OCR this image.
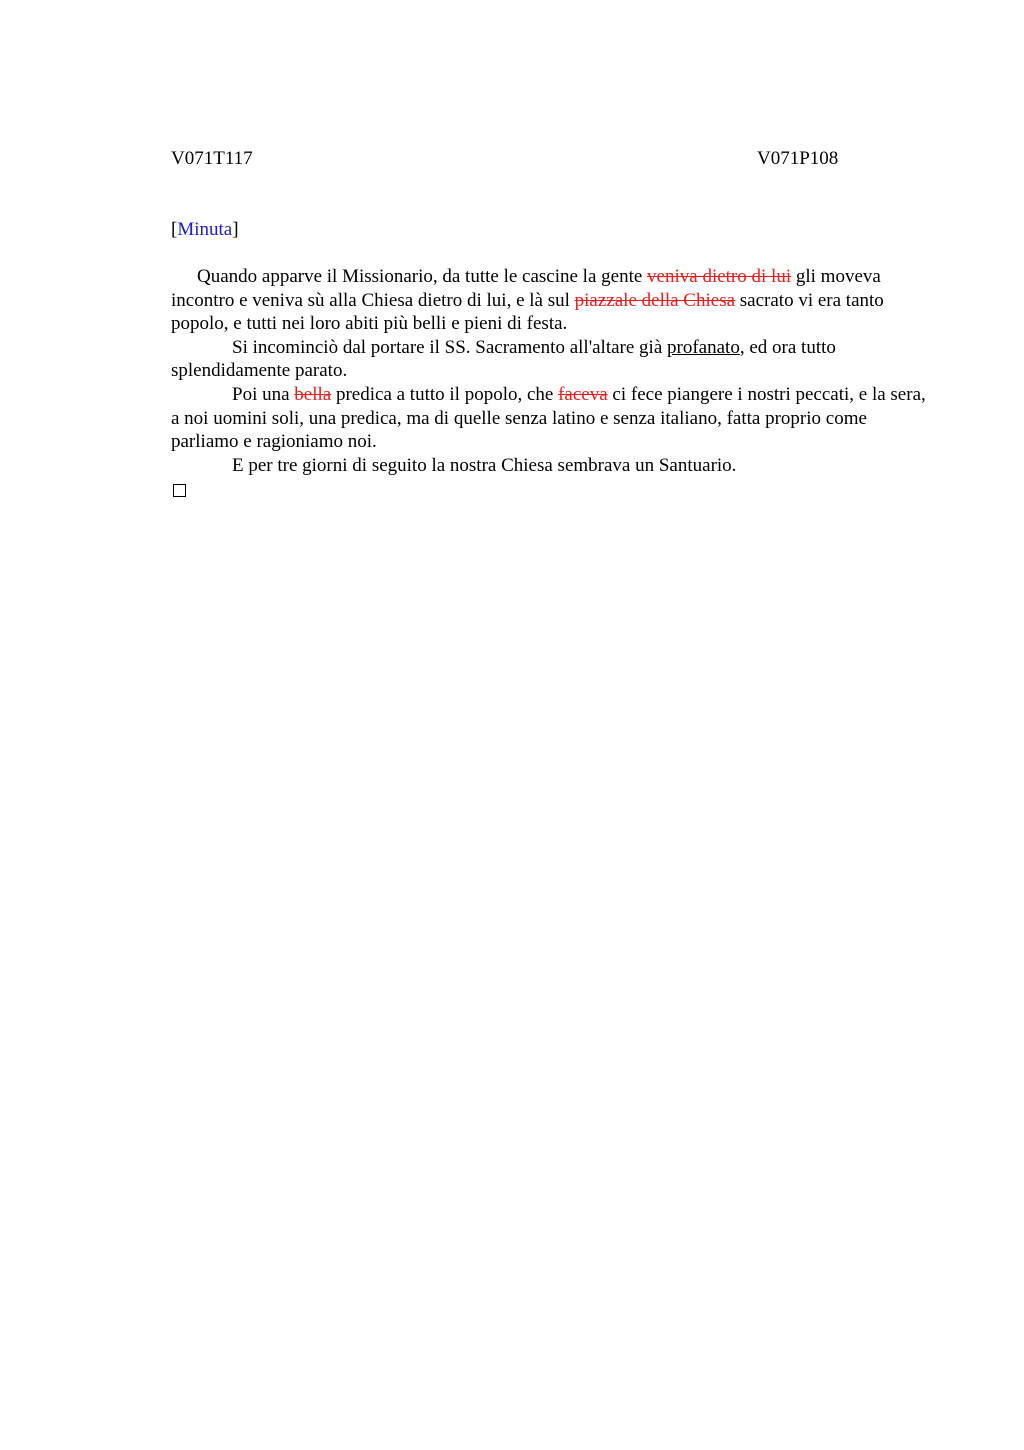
V071T117	V071P108
[Minuta]

Quando apparve il Missionario, da tutte le cascine la gente veniva dietro di lui gli moveva incontro e veniva sù alla Chiesa dietro di lui, e là sul piazzale della Chiesa sacrato vi era tanto popolo, e tutti nei loro abiti più belli e pieni di festa.

Si incominciò dal portare il SS. Sacramento all'altare già profanato, ed ora tutto splendidamente parato.

Poi una bella predica a tutto il popolo, che faceva ci fece piangere i nostri peccati, e la sera, a noi uomini soli, una predica, ma di quelle senza latino e senza italiano, fatta proprio come parliamo e ragioniamo noi.

E per tre giorni di seguito la nostra Chiesa sembrava un Santuario.
